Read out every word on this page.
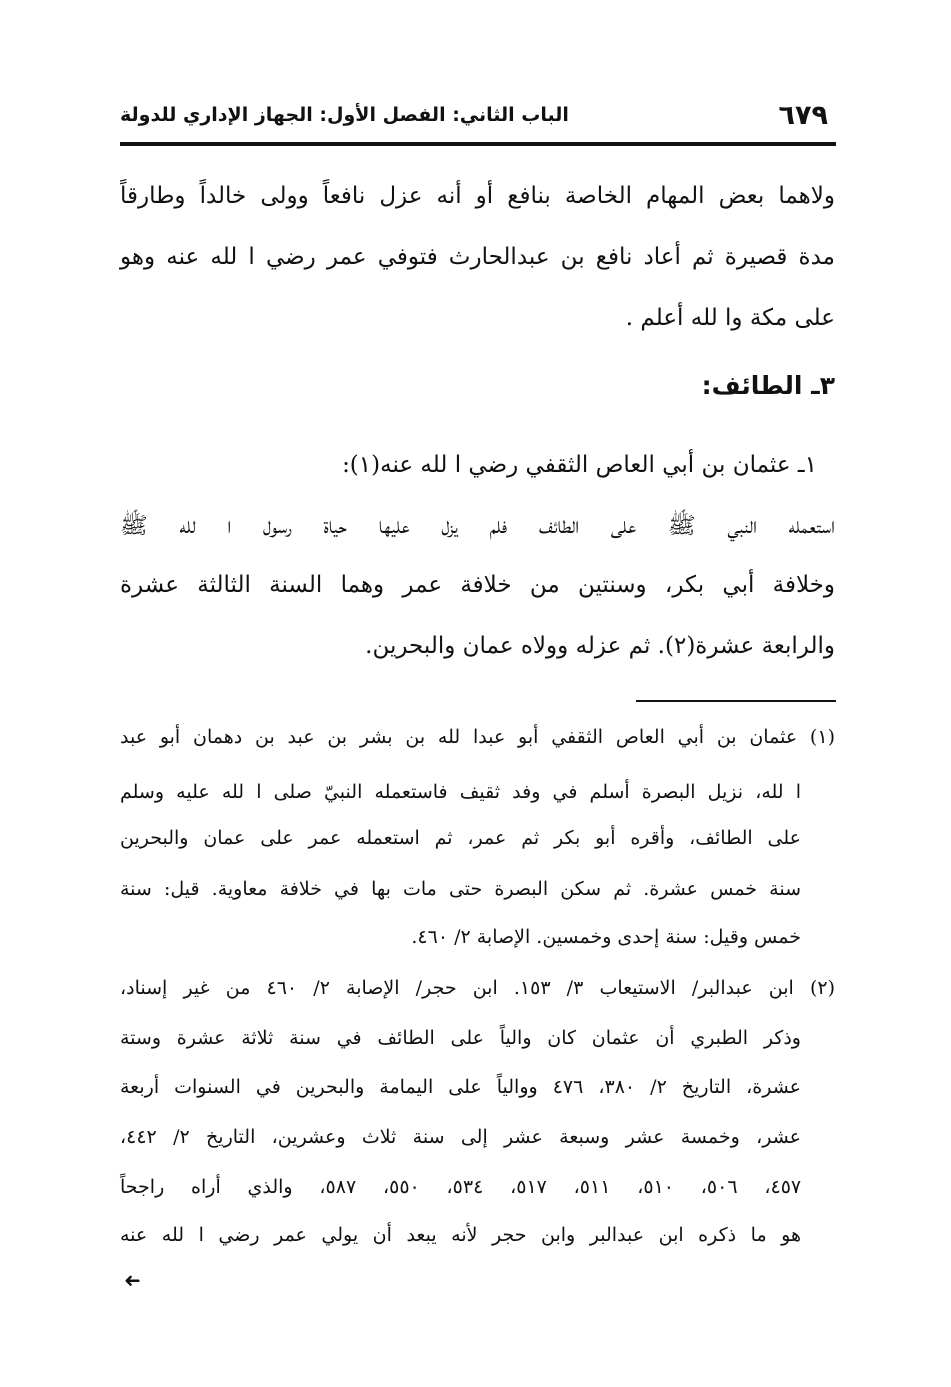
٦٧٩
الباب الثاني: الفصل الأول: الجهاز الإداري للدولة
ولاهما بعض المهام الخاصة بنافع أو أنه عزل نافعاً وولى خالداً وطارقاً
مدة قصيرة ثم أعاد نافع بن عبدالحارث فتوفي عمر رضي ا لله عنه وهو
على مكة وا لله أعلم .
٣ـ الطائف:
١ـ عثمان بن أبي العاص الثقفي رضي ا لله عنه(١):
استعمله النبي ﷺ على الطائف فلم يزل عليها حياة رسول ا لله ﷺ
وخلافة أبي بكر، وسنتين من خلافة عمر وهما السنة الثالثة عشرة
والرابعة عشرة(٢). ثم عزله وولاه عمان والبحرين.
(١) عثمان بن أبي العاص الثقفي أبو عبدا لله بن بشر بن عبد بن دهمان أبو عبد
ا لله، نزيل البصرة أسلم في وفد ثقيف فاستعمله النبيّ صلى ا لله عليه وسلم
على الطائف، وأقره أبو بكر ثم عمر، ثم استعمله عمر على عمان والبحرين
سنة خمس عشرة. ثم سكن البصرة حتى مات بها في خلافة معاوية. قيل: سنة
خمس وقيل: سنة إحدى وخمسين. الإصابة ٢/ ٤٦٠.
(٢) ابن عبدالبر/ الاستيعاب ٣/ ١٥٣. ابن حجر/ الإصابة ٢/ ٤٦٠ من غير إسناد،
وذكر الطبري أن عثمان كان والياً على الطائف في سنة ثلاثة عشرة وستة
عشرة، التاريخ ٢/ ٣٨٠، ٤٧٦ ووالياً على اليمامة والبحرين في السنوات أربعة
عشر، وخمسة عشر وسبعة عشر إلى سنة ثلاث وعشرين، التاريخ ٢/ ٤٤٢،
٤٥٧، ٥٠٦، ٥١٠، ٥١١، ٥١٧، ٥٣٤، ٥٥٠، ٥٨٧، والذي أراه راجحاً
هو ما ذكره ابن عبدالبر وابن حجر لأنه يبعد أن يولي عمر رضي ا لله عنه
➜
